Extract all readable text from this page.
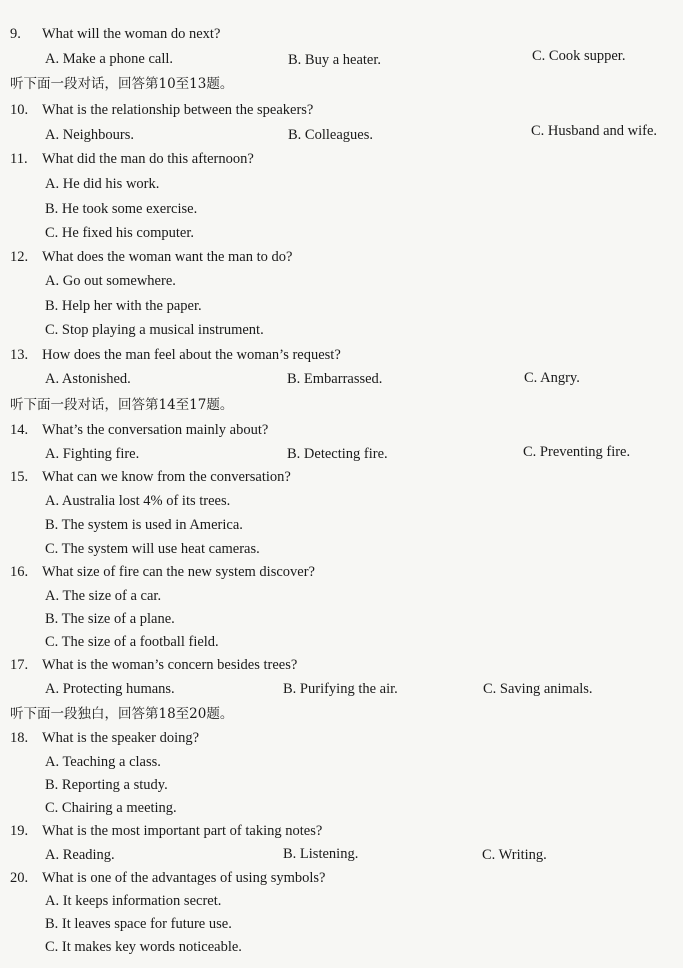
9. What will the woman do next?
A. Make a phone call.	B. Buy a heater.	C. Cook supper.
听下面一段对话，回答第10至13题。
10. What is the relationship between the speakers?
A. Neighbours.	B. Colleagues.	C. Husband and wife.
11. What did the man do this afternoon?
A. He did his work.
B. He took some exercise.
C. He fixed his computer.
12. What does the woman want the man to do?
A. Go out somewhere.
B. Help her with the paper.
C. Stop playing a musical instrument.
13. How does the man feel about the woman’s request?
A. Astonished.	B. Embarrassed.	C. Angry.
听下面一段对话，回答第14至17题。
14. What’s the conversation mainly about?
A. Fighting fire.	B. Detecting fire.	C. Preventing fire.
15. What can we know from the conversation?
A. Australia lost 4% of its trees.
B. The system is used in America.
C. The system will use heat cameras.
16. What size of fire can the new system discover?
A. The size of a car.
B. The size of a plane.
C. The size of a football field.
17. What is the woman’s concern besides trees?
A. Protecting humans.	B. Purifying the air.	C. Saving animals.
听下面一段独白，回答第18至20题。
18. What is the speaker doing?
A. Teaching a class.
B. Reporting a study.
C. Chairing a meeting.
19. What is the most important part of taking notes?
A. Reading.	B. Listening.	C. Writing.
20. What is one of the advantages of using symbols?
A. It keeps information secret.
B. It leaves space for future use.
C. It makes key words noticeable.
